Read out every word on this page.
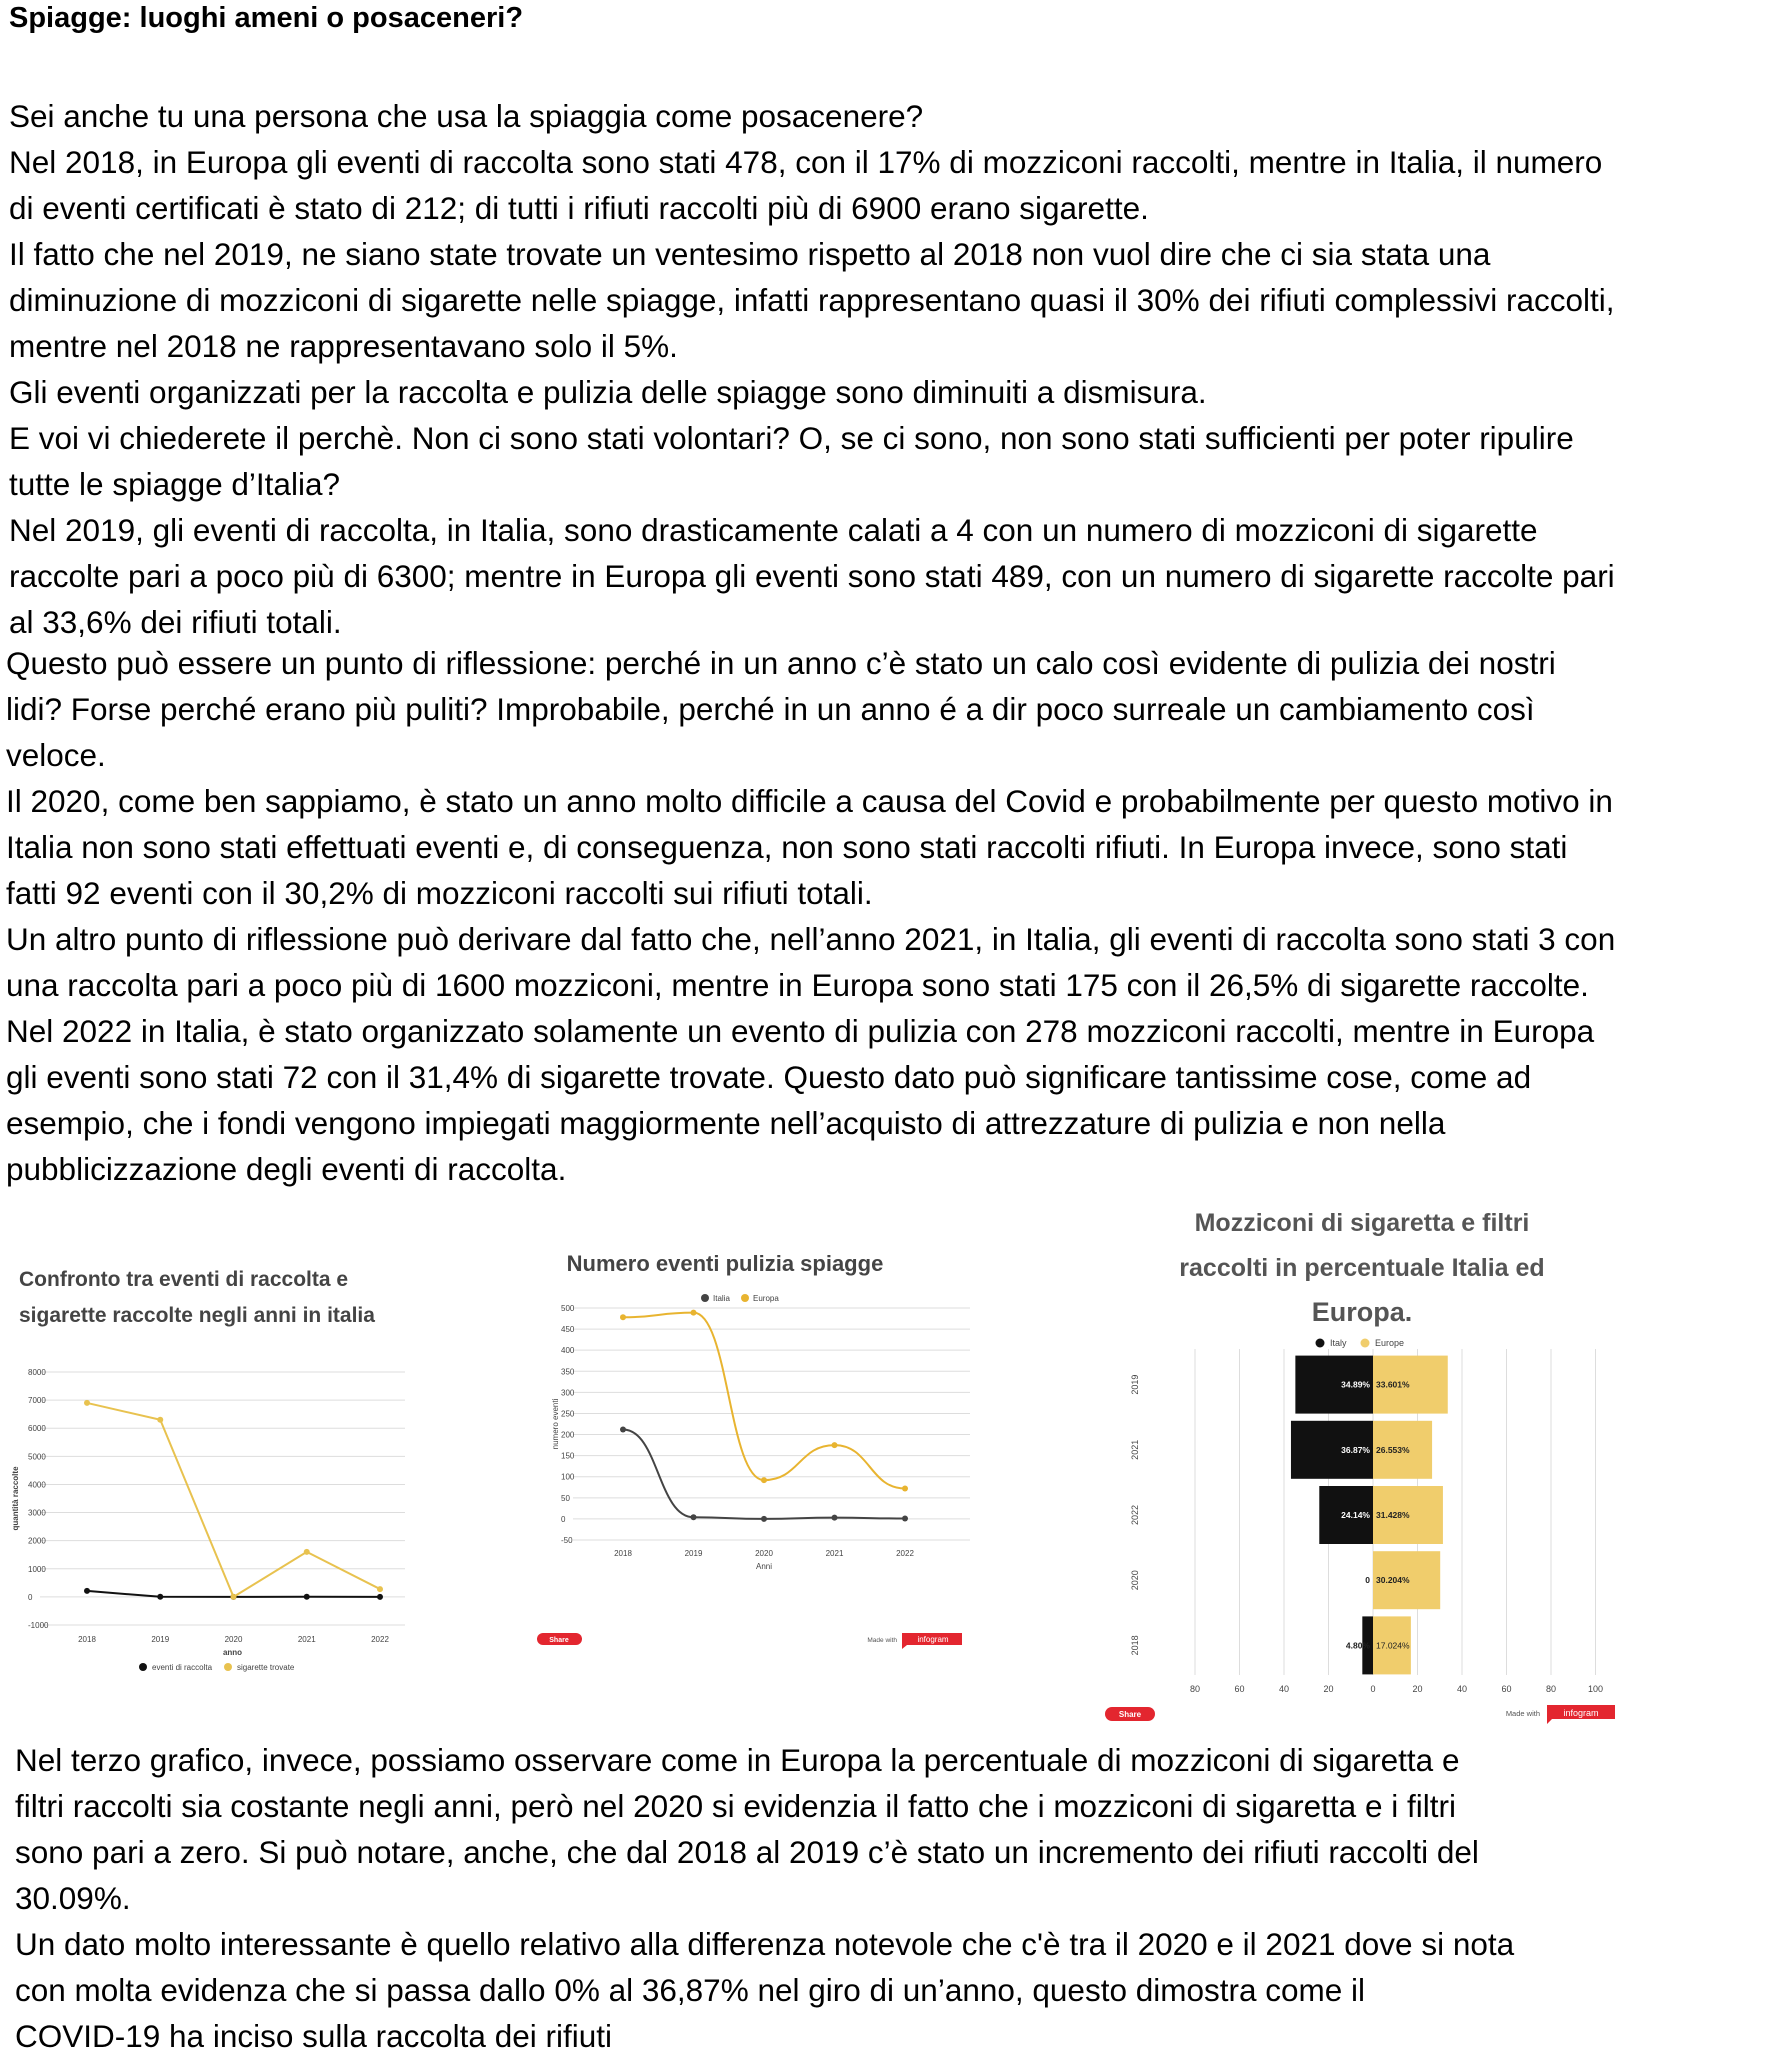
Spiagge: luoghi ameni o posaceneri?
Sei anche tu una persona che usa la spiaggia come posacenere?
Nel 2018, in Europa gli eventi di raccolta sono stati 478, con il 17% di mozziconi raccolti, mentre in Italia, il numero
di eventi certificati è stato di 212; di tutti i rifiuti raccolti più di 6900 erano sigarette.
Il fatto che nel 2019, ne siano state trovate un ventesimo rispetto al 2018 non vuol dire che ci sia stata una
diminuzione di mozziconi di sigarette nelle spiagge, infatti rappresentano quasi il 30% dei rifiuti complessivi raccolti,
mentre nel 2018 ne rappresentavano solo il 5%.
Gli eventi organizzati per la raccolta e pulizia delle spiagge sono diminuiti a dismisura.
E voi vi chiederete il perchè. Non ci sono stati volontari? O, se ci sono, non sono stati sufficienti per poter ripulire
tutte le spiagge d’Italia?
Nel 2019, gli eventi di raccolta, in Italia, sono drasticamente calati a 4 con un numero di mozziconi di sigarette
raccolte pari a poco più di 6300; mentre in Europa gli eventi sono stati 489, con un numero di sigarette raccolte pari
al 33,6% dei rifiuti totali.
Questo può essere un punto di riflessione: perché in un anno c’è stato un calo così evidente di pulizia dei nostri
lidi? Forse perché erano più puliti? Improbabile, perché in un anno é a dir poco surreale un cambiamento così
veloce.
Il 2020, come ben sappiamo, è stato un anno molto difficile a causa del Covid e probabilmente per questo motivo in
Italia non sono stati effettuati eventi e, di conseguenza, non sono stati raccolti rifiuti. In Europa invece, sono stati
fatti 92 eventi con il 30,2% di mozziconi raccolti sui rifiuti totali.
Un altro punto di riflessione può derivare dal fatto che, nell’anno 2021, in Italia, gli eventi di raccolta sono stati 3 con
una raccolta pari a poco più di 1600 mozziconi, mentre in Europa sono stati 175 con il 26,5% di sigarette raccolte.
Nel 2022 in Italia, è stato organizzato solamente un evento di pulizia con 278 mozziconi raccolti, mentre in Europa
gli eventi sono stati 72 con il 31,4% di sigarette trovate. Questo dato può significare tantissime cose, come ad
esempio, che i fondi vengono impiegati maggiormente nell’acquisto di attrezzature di pulizia e non nella
pubblicizzazione degli eventi di raccolta.
Nel terzo grafico, invece, possiamo osservare come in Europa la percentuale di mozziconi di sigaretta e
filtri raccolti sia costante negli anni, però nel 2020 si evidenzia il fatto che i mozziconi di sigaretta e i filtri
sono pari a zero. Si può notare, anche, che dal 2018 al 2019 c’è stato un incremento dei rifiuti raccolti del
30.09%.
Un dato molto interessante è quello relativo alla differenza notevole che c'è tra il 2020 e il 2021 dove si nota
con molta evidenza che si passa dallo 0% al 36,87% nel giro di un’anno, questo dimostra come il
COVID-19 ha inciso sulla raccolta dei rifiuti
Confronto tra eventi di raccolta e
sigarette raccolte negli anni in italia
8000
7000
6000
5000
4000
3000
2000
1000
0
-1000
2018	2019	2020	2021	2022
anno
quantità raccolte
eventi di raccolta	sigarette trovate
Numero eventi pulizia spiagge
500
450
400
350
300
250
200
150
100
50
0
-50
2018	2019	2020	2021	2022
Anni
numero eventi
Italia	Europa
Share	Made with	infogram
Mozziconi di sigaretta e filtri
raccolti in percentuale Italia ed
Europa.
80	60	40	20	0	20	40	60	80	100
Italy	Europe
2019	34.89% 33.601%
2021	36.87% 26.553%
2022	24.14% 31.428%
2020	0 30.204%
2018	4.80% 17.024%
Share	Made with	infogram
